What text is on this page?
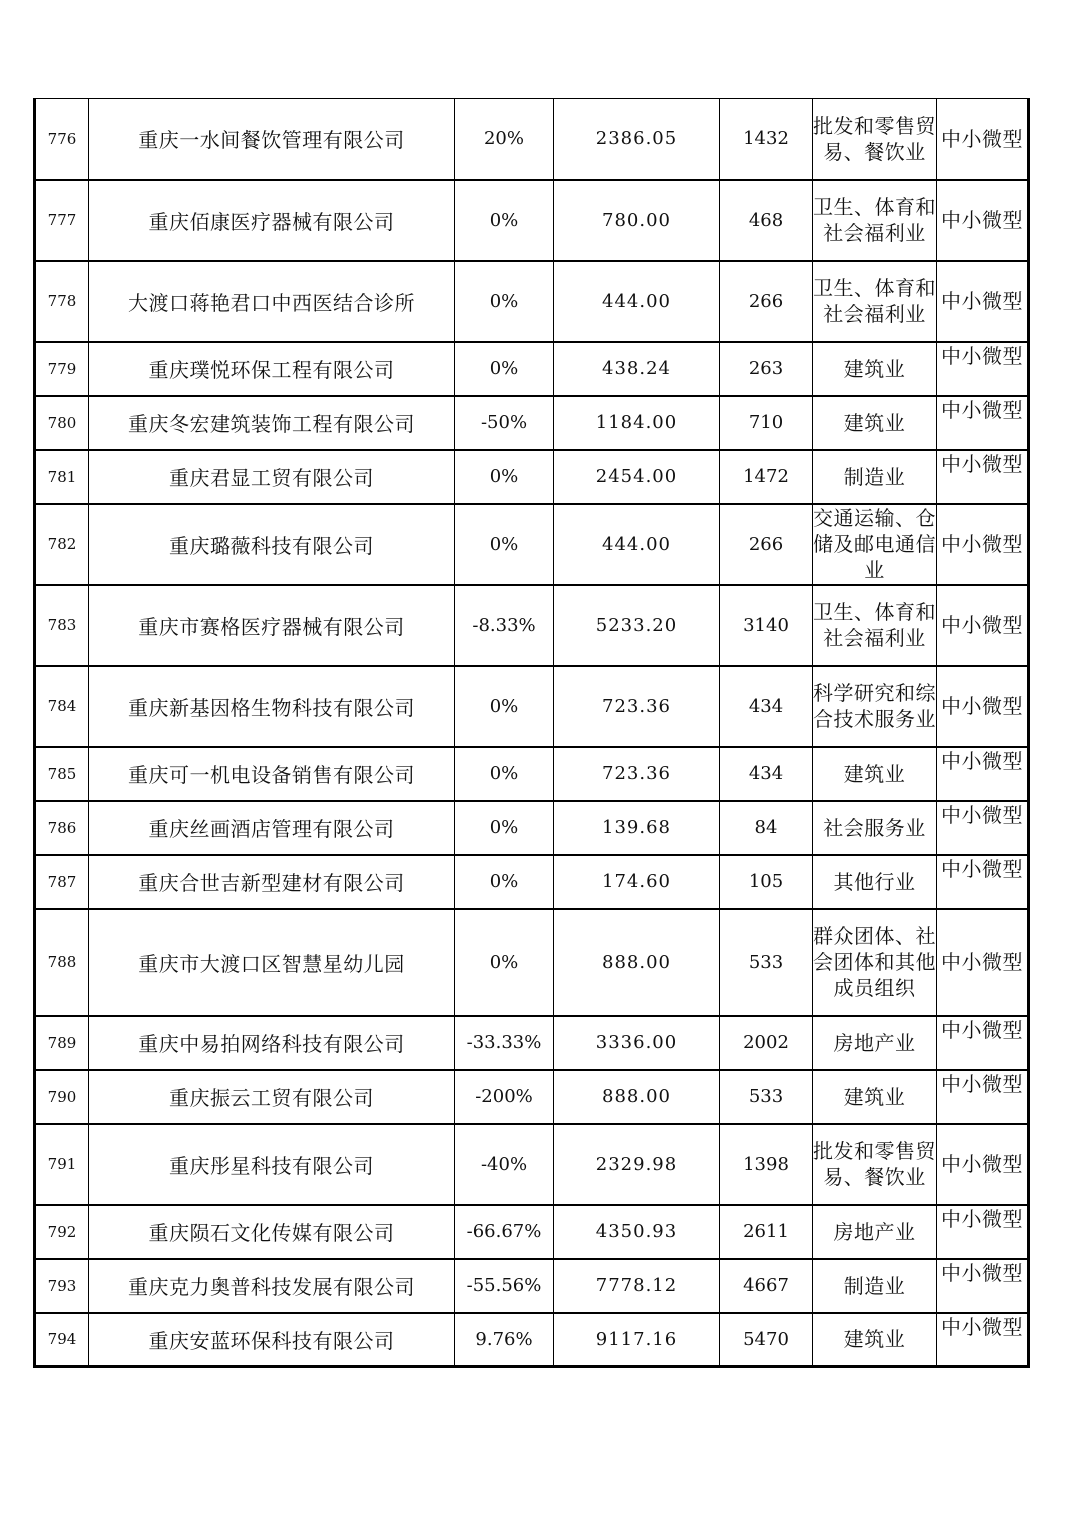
776	重庆一水间餐饮管理有限公司	20%	2386.05	1432	批发和零售贸易、餐饮业	中小微型
777	重庆佰康医疗器械有限公司	0%	780.00	468	卫生、体育和社会福利业	中小微型
778	大渡口蒋艳君口中西医结合诊所	0%	444.00	266	卫生、体育和社会福利业	中小微型
779	重庆璞悦环保工程有限公司	0%	438.24	263	建筑业	中小微型
780	重庆冬宏建筑装饰工程有限公司	-50%	1184.00	710	建筑业	中小微型
781	重庆君显工贸有限公司	0%	2454.00	1472	制造业	中小微型
782	重庆璐薇科技有限公司	0%	444.00	266	交通运输、仓储及邮电通信业	中小微型
783	重庆市赛格医疗器械有限公司	-8.33%	5233.20	3140	卫生、体育和社会福利业	中小微型
784	重庆新基因格生物科技有限公司	0%	723.36	434	科学研究和综合技术服务业	中小微型
785	重庆可一机电设备销售有限公司	0%	723.36	434	建筑业	中小微型
786	重庆丝画酒店管理有限公司	0%	139.68	84	社会服务业	中小微型
787	重庆合世吉新型建材有限公司	0%	174.60	105	其他行业	中小微型
788	重庆市大渡口区智慧星幼儿园	0%	888.00	533	群众团体、社会团体和其他成员组织	中小微型
789	重庆中易拍网络科技有限公司	-33.33%	3336.00	2002	房地产业	中小微型
790	重庆振云工贸有限公司	-200%	888.00	533	建筑业	中小微型
791	重庆彤星科技有限公司	-40%	2329.98	1398	批发和零售贸易、餐饮业	中小微型
792	重庆陨石文化传媒有限公司	-66.67%	4350.93	2611	房地产业	中小微型
793	重庆克力奥普科技发展有限公司	-55.56%	7778.12	4667	制造业	中小微型
794	重庆安蓝环保科技有限公司	9.76%	9117.16	5470	建筑业	中小微型
